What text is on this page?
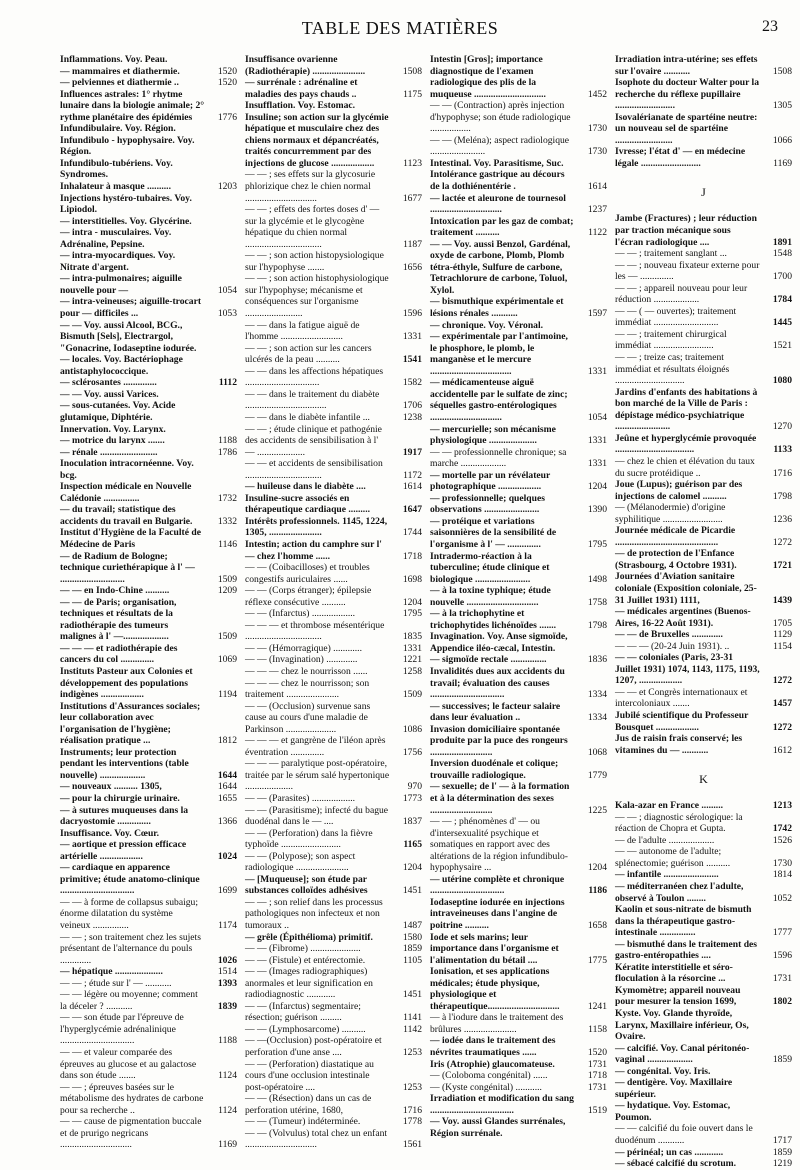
TABLE DES MATIÈRES	23
Inflammations. Voy. Peau.
— mammaires et diathermie.	1520
— pelviennes et diathermie ..	1520
Influences astrales: 1° rhytme lunaire dans la biologie animale; 2° rythme planétaire des épidémies	1776
Infundibulaire. Voy. Région.
Infundibulo - hypophysaire. Voy. Région.
Infundibulo-tubériens. Voy. Syndromes.
Inhalateur à masque ..........	1203
Injections hystéro-tubaires. Voy. Lipiodol.
— interstitielles. Voy. Glycérine.
— intra - musculaires. Voy. Adrénaline, Pepsine.
— intra-myocardiques. Voy. Nitrate d'argent.
— intra-pulmonaires; aiguille nouvelle pour —	1054
— intra-veineuses; aiguille-trocart pour — difficiles ...	1053
— — Voy. aussi Alcool, BCG., Bismuth [Sels], Electrargol, "Gonacrine, Iodaseptine iodurée.
— locales. Voy. Bactériophage antistaphylococcique.
— sclérosantes ..............	1112
— — Voy. aussi Varices.
— sous-cutanées. Voy. Acide glutamique, Diphtérie.
Innervation. Voy. Larynx.
— motrice du larynx .......	1188
— rénale ........................	1786
Inoculation intracornéenne. Voy. bcg.
Inspection médicale en Nouvelle Calédonie ...............	1732
— du travail; statistique des accidents du travail en Bulgarie.	1332
Institut d'Hygiène de la Faculté de Médecine de Paris	1146
— de Radium de Bologne; technique curiethérapique à l' — ...........................	1509
— — en Indo-Chine ..........	1209
— — de Paris; organisation, techniques et résultats de la radiothérapie des tumeurs malignes à l' —...................	1509
— — — et radiothérapie des cancers du col ..............	1069
Instituts Pasteur aux Colonies et développement des populations indigènes ..................	1194
Institutions d'Assurances sociales; leur collaboration avec l'organisation de l'hygiène; réalisation pratique ...	1812
Instruments; leur protection pendant les interventions (table nouvelle) ...................	1644
— nouveaux .......... 1305,	1644
— pour la chirurgie urinaire.	1655
— à sutures muqueuses dans la dacryostomie ..............	1366
Insuffisance. Voy. Cœur.
— aortique et pression efficace artérielle ..................	1024
— cardiaque en apparence primitive; étude anatomo-clinique ...............................	1699
— — à forme de collapsus subaigu; énorme dilatation du système veineux ...............	1174
— — ; son traitement chez les sujets présentant de l'alternance du pouls .............	1026
— hépatique ....................	1514
— — ; étude sur l' — ...........	1393
— — légère ou moyenne; comment la déceler ? ...........	1839
— — son étude par l'épreuve de l'hyperglycémie adrénalinique ...............................	1188
— — et valeur comparée des épreuves au glucose et au galactose dans son étude .......	1124
— — ; épreuves basées sur le métabolisme des hydrates de carbone pour sa recherche ..	1124
— — cause de pigmentation buccale et de prurigo negricans ..............................	1169
Insuffisance ovarienne (Radiothérapie) ......................	1508
— surrénale : adrénaline et maladies des pays chauds ..	1175
Insufflation. Voy. Estomac.
Insuline; son action sur la glycémie hépatique et musculaire chez des chiens normaux et dépancréatés, traités concurremment par des injections de glucose ..................	1123
— — ; ses effets sur la glycosurie phlorizique chez le chien normal ..............................	1677
— — ; effets des fortes doses d' — sur la glycémie et le glycogène hépatique du chien normal ................................	1187
— — ; son action histopysiologique sur l'hypophyse .......	1656
— — ; son action histophysiologique sur l'hypophyse; mécanisme et conséquences sur l'organisme ........................	1596
— — dans la fatigue aiguë de l'homme ..........................	1331
— — ; son action sur les cancers ulcérés de la peau ..........	1541
— — dans les affections hépatiques ...............................	1582
— — dans le traitement du diabète ..................................	1706
— — dans le diabète infantile ...	1238
— — ; étude clinique et pathogénie des accidents de sensibilisation à l' — ....................	1917
— — et accidents de sensibilisation ................................	1172
— huileuse dans le diabète ....	1614
Insuline-sucre associés en thérapeutique cardiaque .........	1647
Intérêts professionnels. 1145, 1224, 1305, ......................	1744
Intestin; action du camphre sur l' — chez l'homme ......	1718
— — (Coibacilloses) et troubles congestifs auriculaires ......	1698
— — (Corps étranger); épilepsie réflexe consécutive ..........	1204
— — (Infarctus) ..................	1795
— — — et thrombose mésentérique ................................	1835
— — (Hémorragique) ............	1331
— — (Invagination) .............	1221
— — — chez le nourrisson ......	1258
— — — chez le nourrisson; son traitement ......................	1509
— — (Occlusion) survenue sans cause au cours d'une maladie de Parkinson .....................	1086
— — — et gangrène de l'iléon après éventration ..............	1756
— — — paralytique post-opératoire, traitée par le sérum salé hypertonique ....................	970
— — (Parasites) ..................	1773
— — (Parasitisme); infecté du bague duodénal dans le — ....	1837
— — (Perforation) dans la fièvre typhoïde .........................	1165
— — (Polypose); son aspect radiologique ......................	1204
— [Muqueuse]; son étude par substances colloïdes adhésives	1451
— — ; son relief dans les processus pathologiques non infecteux et non tumoraux ..	1487
— grêle (Épithélioma) primitif.	1580
— — (Fibrome) .....................	1859
— — (Fistule) et entérectomie.	1105
— — (Images radiographiques) anormales et leur signification en radiodiagnostic ............	1451
— — (Infarctus) segmentaire; résection; guérison .........	1141
— — (Lymphosarcome) ..........	1142
— —(Occlusion) post-opératoire et perforation d'une anse ....	1253
— — (Perforation) diastatique au cours d'une occlusion intestinale post-opératoire ....	1253
— — (Résection) dans un cas de perforation utérine, 1680,	1716
— — (Tumeur) indéterminée.	1778
— — (Volvulus) total chez un enfant ..............................	1561
Intestin [Gros]; importance diagnostique de l'examen radiologique des plis de la muqueuse ..............................	1452
— — (Contraction) après injection d'hypophyse; son étude radiologique .................	1730
— — (Meléna); aspect radiologique .......................	1730
Intestinal. Voy. Parasitisme, Suc.
Intolérance gastrique au décours de la dothiénentérie .	1614
— lactée et aleurone de tournesol ..............................	1237
Intoxication par les gaz de combat; traitement ..........	1122
— — Voy. aussi Benzol, Gardénal, oxyde de carbone, Plomb, Plomb tétra-éthyle, Sulfure de carbone, Tetrachlorure de carbone, Toluol, Xylol.
— bismuthique expérimentale et lésions rénales ...........	1597
— chronique. Voy. Véronal.
— expérimentale par l'antimoine, le phosphore, le plomb, le manganèse et le mercure ..................................	1331
— médicamenteuse aiguë accidentelle par le sulfate de zinc; séquelles gastro-entérologiques ..............................	1054
— mercurielle; son mécanisme physiologique ....................	1331
— — professionnelle chronique; sa marche ...................	1331
— mortelle par un révélateur photographique ..................	1204
— professionnelle; quelques observations .......................	1390
— protéique et variations saisonnières de la sensibilité de l'organisme à l' — ..............	1795
Intradermo-réaction à la tuberculine; étude clinique et biologique .......................	1498
— à la toxine typhique; étude nouvelle ..............................	1758
— à la trichophytine et trichophytides lichénoïdes .......	1798
Invagination. Voy. Anse sigmoïde, Appendice iléo-cæcal, Intestin.
— sigmoïde rectale ...............	1836
Invalidités dues aux accidents du travail; évaluation des causes ...............................	1334
— successives; le facteur salaire dans leur évaluation ..	1334
Invasion domiciliaire spontanée produite par la puce des rongeurs ..........................	1068
Inversion duodénale et colique; trouvaille radiologique.	1779
— sexuelle; de l' — à la formation et à la détermination des sexes ..........................	1225
— — ; phénomènes d' — ou d'intersexualité psychique et somatiques en rapport avec des altérations de la région infundibulo-hypophysaire ...	1204
— utérine complète et chronique ...............................	1186
Iodaseptine iodurée en injections intraveineuses dans l'angine de poitrine ..........	1658
Iode et sels marins; leur importance dans l'organisme et l'alimentation du bétail ....	1775
Ionisation, et ses applications médicales; étude physique, physiologique et thérapeutique..............................	1241
— à l'iodure dans le traitement des brûlures ......................	1158
— iodée dans le traitement des névrites traumatiques ......	1520
Iris (Atrophie) glaucomateuse.	1731
— (Coloboma congénital) ......	1718
— (Kyste congénital) ...........	1731
Irradiation et modification du sang ...................................	1519
— Voy. aussi Glandes surrénales, Région surrénale.
Irradiation intra-utérine; ses effets sur l'ovaire ...........	1508
Isophote du docteur Walter pour la recherche du réflexe pupillaire .........................	1305
Isovalérianate de spartéine neutre: un nouveau sel de spartéine ........................	1066
Ivresse; l'état d' — en médecine légale .........................	1169
J
Jambe (Fractures) ; leur réduction par traction mécanique sous l'écran radiologique ....	1891
— — ; traitement sanglant ...	1548
— — ; nouveau fixateur externe pour les — ..............	1700
— — ; appareil nouveau pour leur réduction ...................	1784
— — ( — ouvertes); traitement immédiat ...........................	1445
— — ; traitement chirurgical immédiat .........................	1521
— — ; treize cas; traitement immédiat et résultats éloignés .............................	1080
Jardins d'enfants des habitations à bon marché de la Ville de Paris : dépistage médico-psychiatrique .......................	1270
Jeûne et hyperglycémie provoquée .................................	1133
— chez le chien et élévation du taux du sucre protéidique ..	1716
Joue (Lupus); guérison par des injections de calomel ..........	1798
— (Mélanodermie) d'origine syphilitique .........................	1236
Journée médicale de Picardie ...........................................	1272
— de protection de l'Enfance (Strasbourg, 4 Octobre 1931).	1721
Journées d'Aviation sanitaire coloniale (Exposition coloniale, 25-31 Juillet 1931) 1111,	1439
— médicales argentines (Buenos-Aires, 16-22 Août 1931).	1705
— — de Bruxelles .............	1129
— — — (20-24 Juin 1931). ..	1154
— — coloniales (Paris, 23-31 Juillet 1931) 1074, 1143, 1175, 1193, 1207, ..................	1272
— — et Congrès internationaux et intercoloniaux .......	1457
Jubilé scientifique du Professeur Bousquet ..................	1272
Jus de raisin frais conservé; les vitamines du — ...........	1612
K
Kala-azar en France .........	1213
— — ; diagnostic sérologique: la réaction de Chopra et Gupta.	1742
— de l'adulte ...................	1526
— — autonome de l'adulte; splénectomie; guérison ..........	1730
— infantile .......................	1814
— méditerranéen chez l'adulte, observé à Toulon ........	1052
Kaolin et sous-nitrate de bismuth dans la thérapeutique gastro-intestinale ...............	1777
— bismuthé dans le traitement des gastro-entéropathies ....	1596
Kératite interstitielle et séro-floculation à la résorcine ...	1731
Kymomètre; appareil nouveau pour mesurer la tension 1699,	1802
Kyste. Voy. Glande thyroïde, Larynx, Maxillaire inférieur, Os, Ovaire.
— calcifié. Voy. Canal péritonéo-vaginal ...................	1859
— congénital. Voy. Iris.
— dentigère. Voy. Maxillaire supérieur.
— hydatique. Voy. Estomac, Poumon.
— — calcifié du foie ouvert dans le duodénum ...........	1717
— périnéal; un cas ............	1859
— sébacé calcifié du scrotum.	1219
